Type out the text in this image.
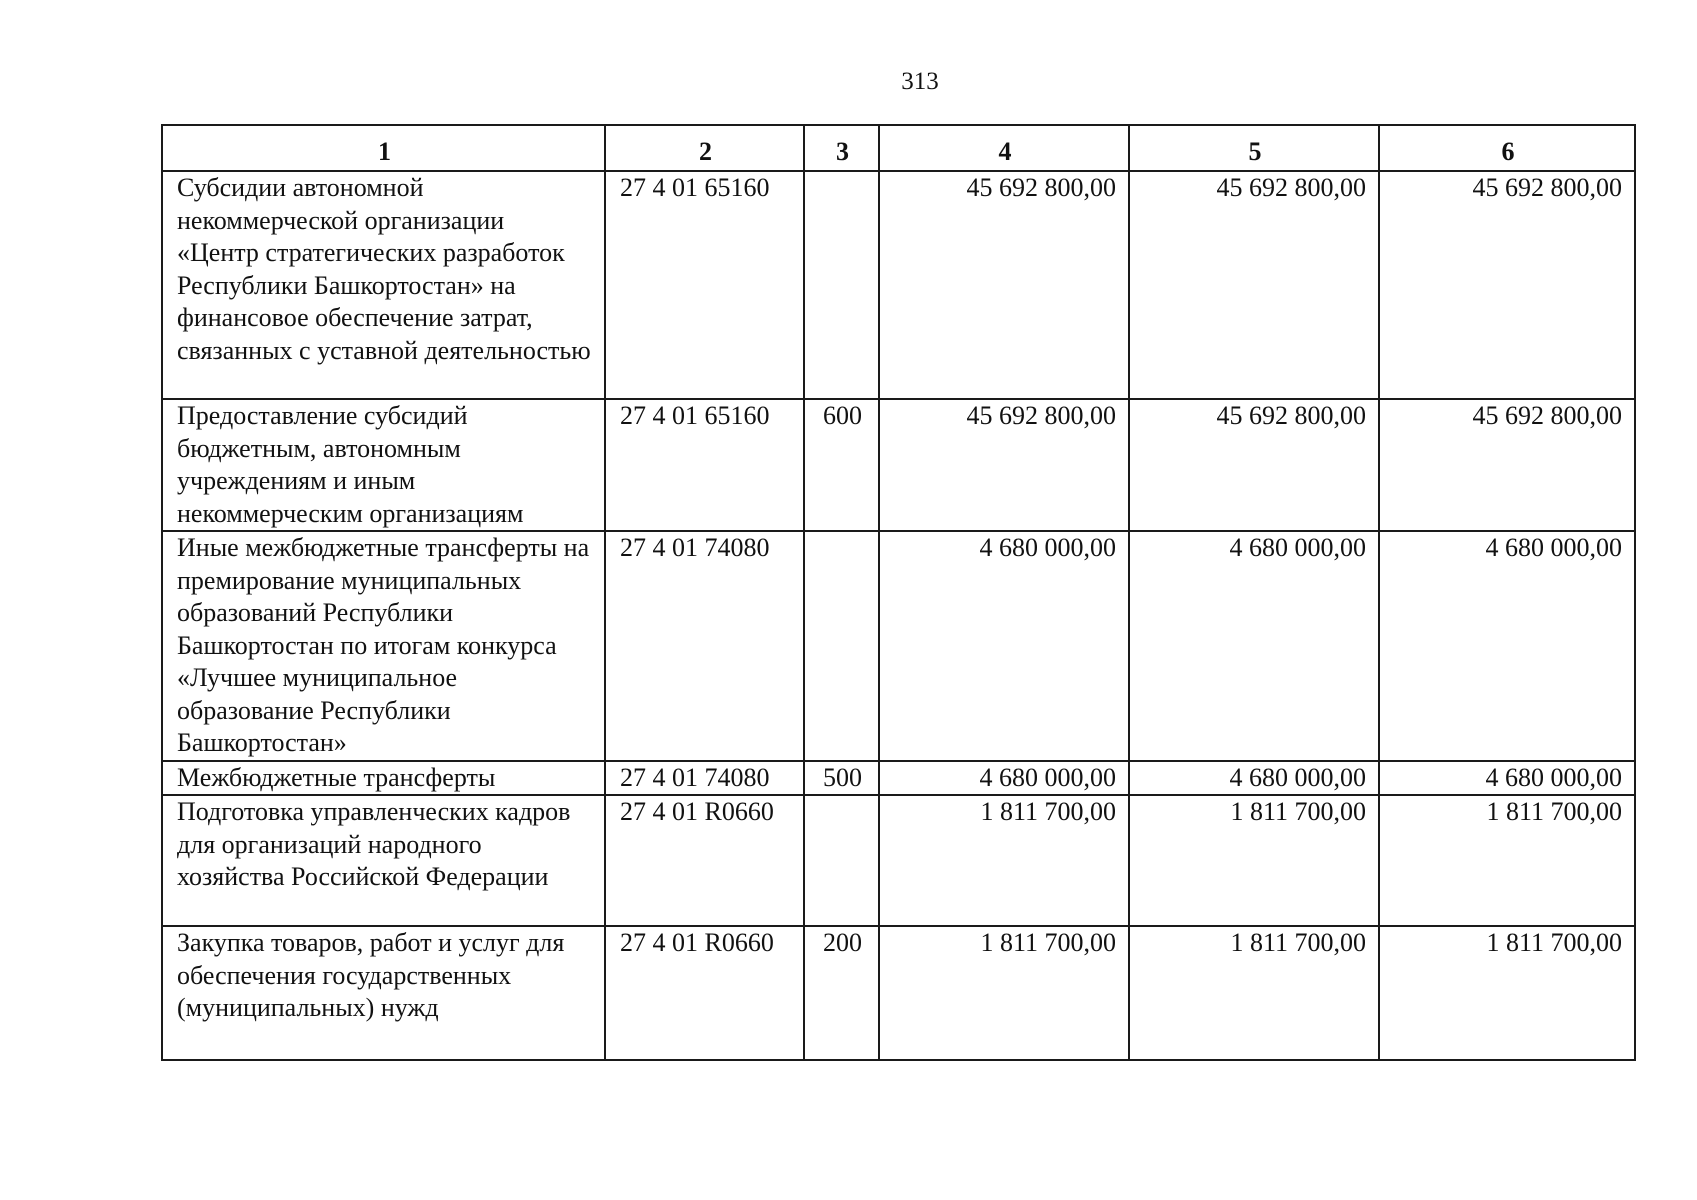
313
1	2	3	4	5	6
Субсидии автономной некоммерческой организации «Центр стратегических разработок Республики Башкортостан» на финансовое обеспечение затрат, связанных с уставной деятельностью	27 4 01 65160		45 692 800,00	45 692 800,00	45 692 800,00
Предоставление субсидий бюджетным, автономным учреждениям и иным некоммерческим организациям	27 4 01 65160	600	45 692 800,00	45 692 800,00	45 692 800,00
Иные межбюджетные трансферты на премирование муниципальных образований Республики Башкортостан по итогам конкурса «Лучшее муниципальное образование Республики Башкортостан»	27 4 01 74080		4 680 000,00	4 680 000,00	4 680 000,00
Межбюджетные трансферты	27 4 01 74080	500	4 680 000,00	4 680 000,00	4 680 000,00
Подготовка управленческих кадров для организаций народного хозяйства Российской Федерации	27 4 01 R0660		1 811 700,00	1 811 700,00	1 811 700,00
Закупка товаров, работ и услуг для обеспечения государственных (муниципальных) нужд	27 4 01 R0660	200	1 811 700,00	1 811 700,00	1 811 700,00
